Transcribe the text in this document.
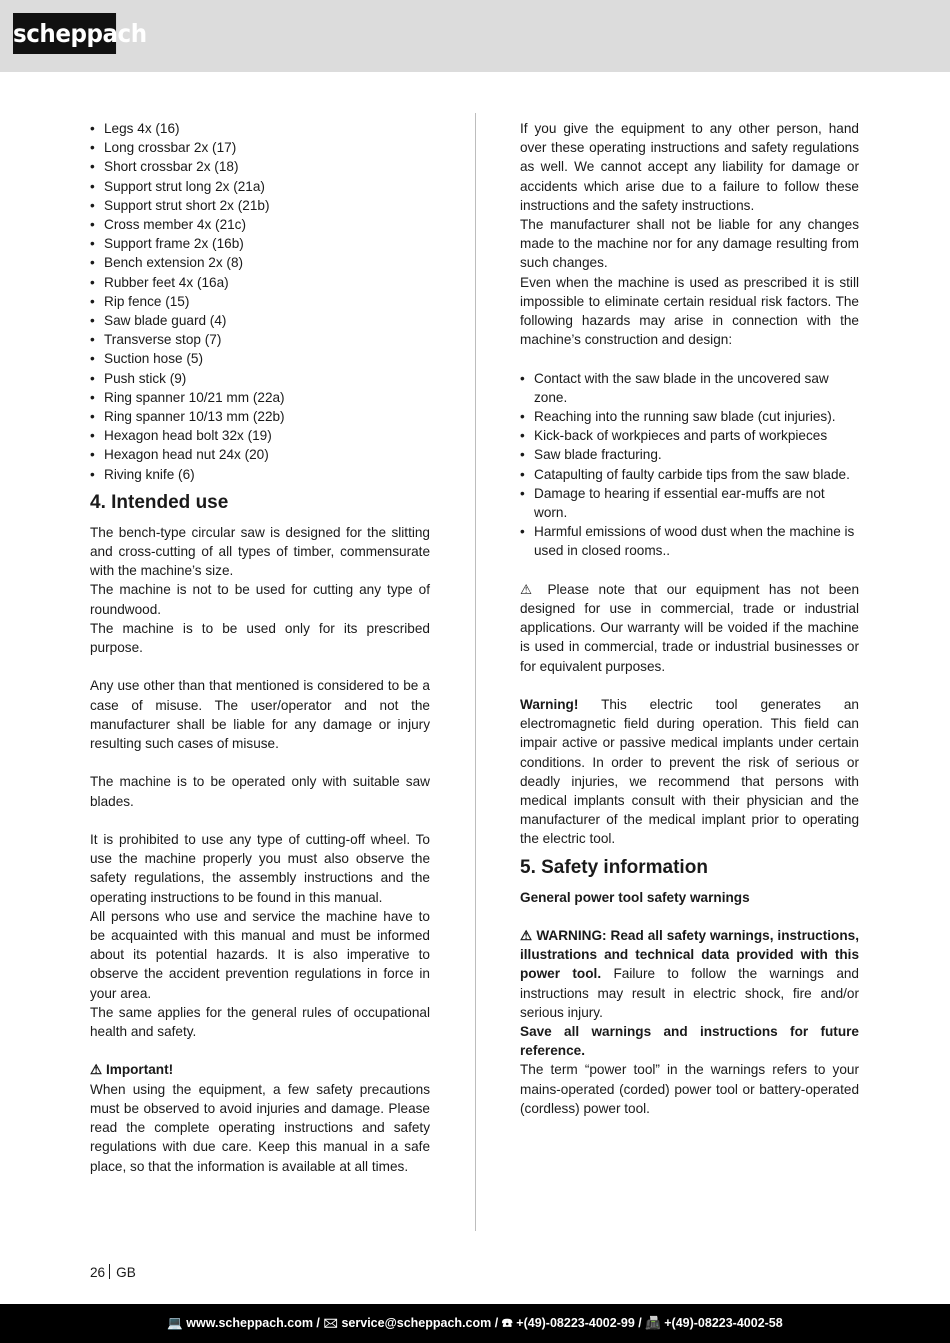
scheppach
• Legs 4x (16)
• Long crossbar 2x (17)
• Short crossbar 2x (18)
• Support strut long 2x (21a)
• Support strut short 2x (21b)
• Cross member 4x (21c)
• Support frame 2x (16b)
• Bench extension 2x (8)
• Rubber feet 4x (16a)
• Rip fence (15)
• Saw blade guard (4)
• Transverse stop (7)
• Suction hose (5)
• Push stick (9)
• Ring spanner 10/21 mm (22a)
• Ring spanner 10/13 mm (22b)
• Hexagon head bolt 32x (19)
• Hexagon head nut 24x (20)
• Riving knife (6)
4. Intended use

The bench-type circular saw is designed for the slitting and cross-cutting of all types of timber, commensurate with the machine’s size.

The machine is not to be used for cutting any type of roundwood.

The machine is to be used only for its prescribed purpose.

Any use other than that mentioned is considered to be a case of misuse. The user/operator and not the manufacturer shall be liable for any damage or injury resulting such cases of misuse.

The machine is to be operated only with suitable saw blades.

It is prohibited to use any type of cutting-off wheel. To use the machine properly you must also observe the safety regulations, the assembly instructions and the operating instructions to be found in this manual.

All persons who use and service the machine have to be acquainted with this manual and must be informed about its potential hazards. It is also imperative to observe the accident prevention regulations in force in your area.

The same applies for the general rules of occupational health and safety.

⚠ Important!

When using the equipment, a few safety precautions must be observed to avoid injuries and damage. Please read the complete operating instructions and safety regulations with due care. Keep this manual in a safe place, so that the information is available at all times.

If you give the equipment to any other person, hand over these operating instructions and safety regulations as well. We cannot accept any liability for damage or accidents which arise due to a failure to follow these instructions and the safety instructions.

The manufacturer shall not be liable for any changes made to the machine nor for any damage resulting from such changes.

Even when the machine is used as prescribed it is still impossible to eliminate certain residual risk factors. The following hazards may arise in connection with the machine’s construction and design:

• Contact with the saw blade in the uncovered saw zone.
• Reaching into the running saw blade (cut injuries).
• Kick-back of workpieces and parts of workpieces
• Saw blade fracturing.
• Catapulting of faulty carbide tips from the saw blade.
• Damage to hearing if essential ear-muffs are not worn.
• Harmful emissions of wood dust when the machine is used in closed rooms..

⚠ Please note that our equipment has not been designed for use in commercial, trade or industrial applications. Our warranty will be voided if the machine is used in commercial, trade or industrial businesses or for equivalent purposes.

Warning! This electric tool generates an electromagnetic field during operation. This field can impair active or passive medical implants under certain conditions. In order to prevent the risk of serious or deadly injuries, we recommend that persons with medical implants consult with their physician and the manufacturer of the medical implant prior to operating the electric tool.

5. Safety information

General power tool safety warnings

⚠ WARNING: Read all safety warnings, instructions, illustrations and technical data provided with this power tool. Failure to follow the warnings and instructions may result in electric shock, fire and/or serious injury.

Save all warnings and instructions for future reference.

The term “power tool” in the warnings refers to your mains-operated (corded) power tool or battery-operated (cordless) power tool.

26 GB
💻 www.scheppach.com / 🖂 service@scheppach.com / ☎ +(49)-08223-4002-99 / 📠 +(49)-08223-4002-58
